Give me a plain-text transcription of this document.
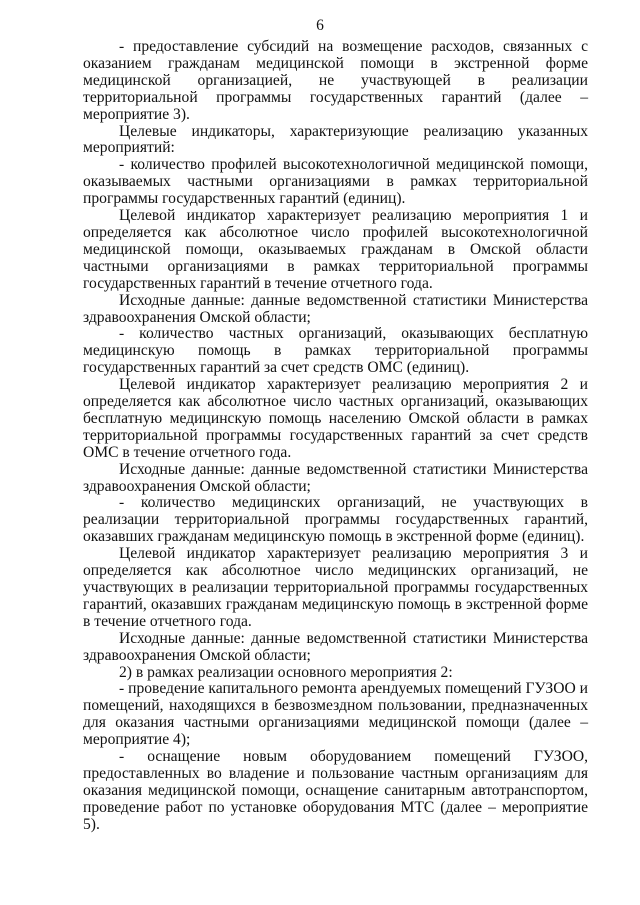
6

- предоставление субсидий на возмещение расходов, связанных с оказанием гражданам медицинской помощи в экстренной форме медицинской организацией, не участвующей в реализации территориальной программы государственных гарантий (далее – мероприятие 3).

Целевые индикаторы, характеризующие реализацию указанных мероприятий:

- количество профилей высокотехнологичной медицинской помощи, оказываемых частными организациями в рамках территориальной программы государственных гарантий (единиц).

Целевой индикатор характеризует реализацию мероприятия 1 и определяется как абсолютное число профилей высокотехнологичной медицинской помощи, оказываемых гражданам в Омской области частными организациями в рамках территориальной программы государственных гарантий в течение отчетного года.

Исходные данные: данные ведомственной статистики Министерства здравоохранения Омской области;

- количество частных организаций, оказывающих бесплатную медицинскую помощь в рамках территориальной программы государственных гарантий за счет средств ОМС (единиц).

Целевой индикатор характеризует реализацию мероприятия 2 и определяется как абсолютное число частных организаций, оказывающих бесплатную медицинскую помощь населению Омской области в рамках территориальной программы государственных гарантий за счет средств ОМС в течение отчетного года.

Исходные данные: данные ведомственной статистики Министерства здравоохранения Омской области;

- количество медицинских организаций, не участвующих в реализации территориальной программы государственных гарантий, оказавших гражданам медицинскую помощь в экстренной форме (единиц).

Целевой индикатор характеризует реализацию мероприятия 3 и определяется как абсолютное число медицинских организаций, не участвующих в реализации территориальной программы государственных гарантий, оказавших гражданам медицинскую помощь в экстренной форме в течение отчетного года.

Исходные данные: данные ведомственной статистики Министерства здравоохранения Омской области;

2) в рамках реализации основного мероприятия 2:

- проведение капитального ремонта арендуемых помещений ГУЗОО и помещений, находящихся в безвозмездном пользовании, предназначенных для оказания частными организациями медицинской помощи (далее – мероприятие 4);

- оснащение новым оборудованием помещений ГУЗОО, предоставленных во владение и пользование частным организациям для оказания медицинской помощи, оснащение санитарным автотранспортом, проведение работ по установке оборудования МТС (далее – мероприятие 5).
